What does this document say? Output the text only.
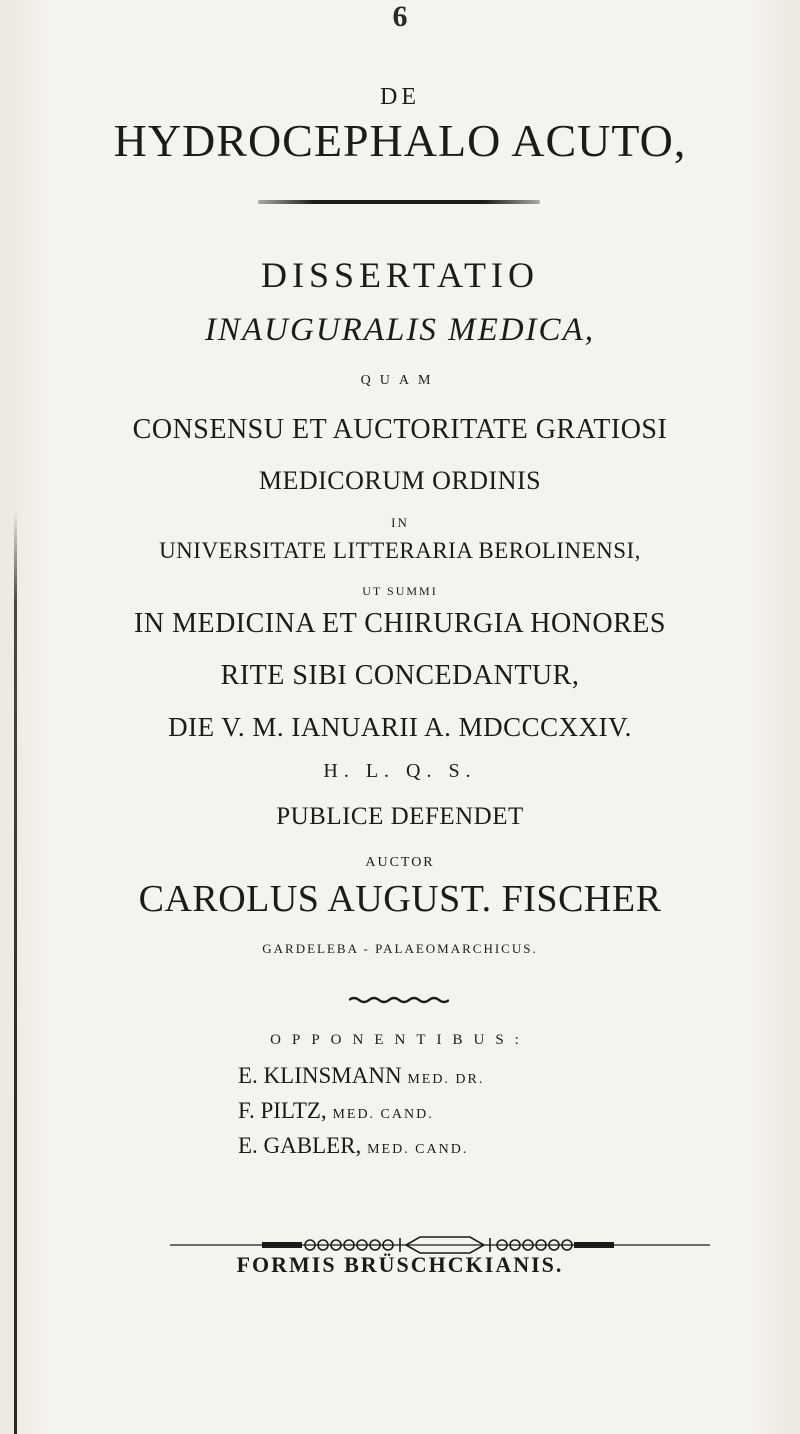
6
DE
HYDROCEPHALO ACUTO,
DISSERTATIO
INAUGURALIS MEDICA,
QUAM
CONSENSU ET AUCTORITATE GRATIOSI
MEDICORUM ORDINIS
IN
UNIVERSITATE LITTERARIA BEROLINENSI,
UT SUMMI
IN MEDICINA ET CHIRURGIA HONORES
RITE SIBI CONCEDANTUR,
DIE V. M. IANUARII A. MDCCCXXIV.
H. L. Q. S.
PUBLICE DEFENDET
AUCTOR
CAROLUS AUGUST. FISCHER
GARDELEBA - PALAEOMARCHICUS.
OPPONENTIBUS:
E. KLINSMANN MED. DR.
F. PILTZ, MED. CAND.
E. GABLER, MED. CAND.
FORMIS BRÜSCHCKIANIS.
